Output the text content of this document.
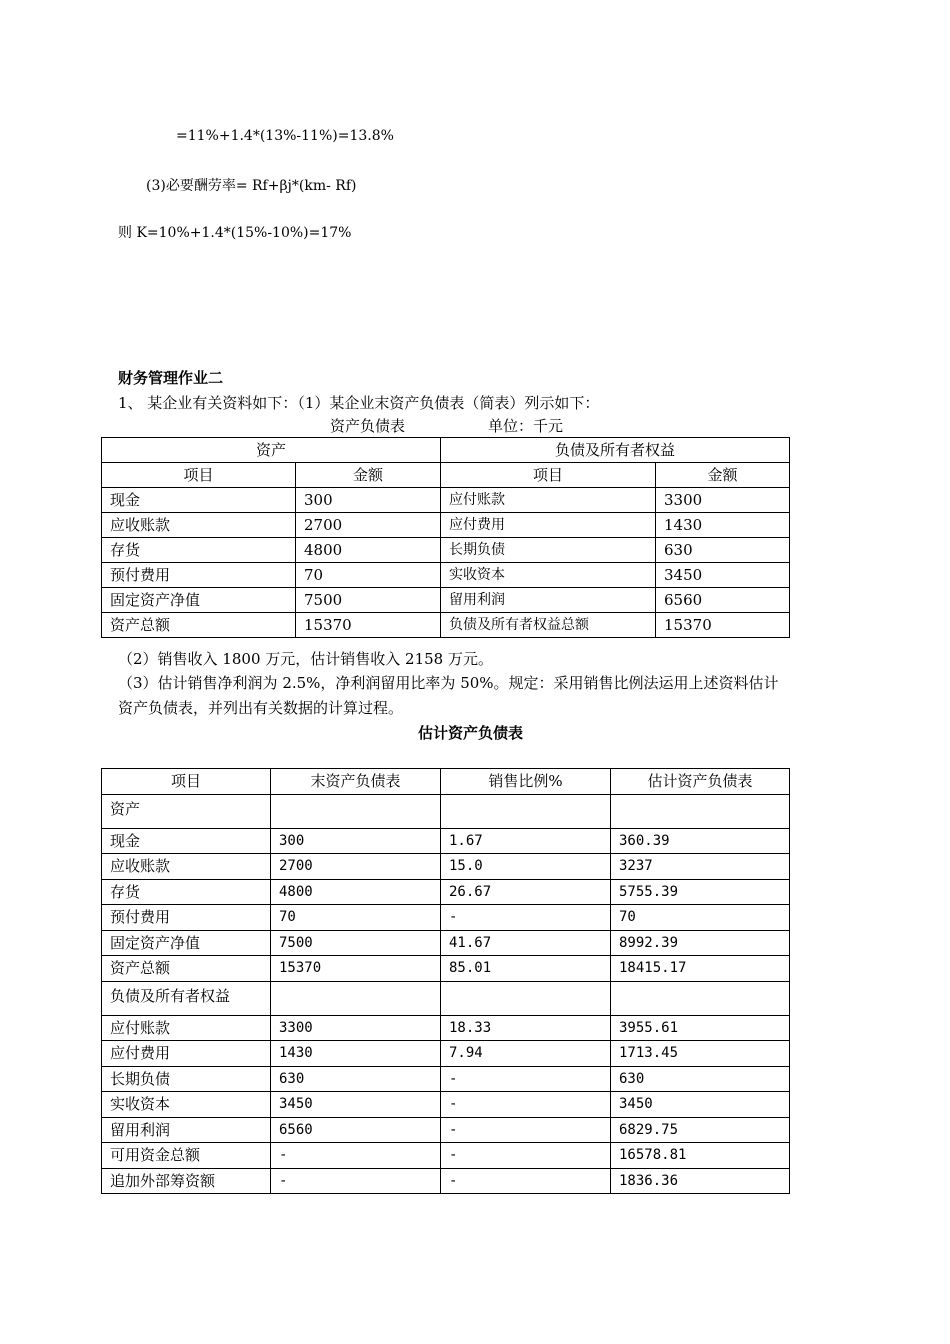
=11%+1.4*(13%-11%)=13.8%
(3)必要酬劳率= Rf+βj*(km- Rf)
则 K=10%+1.4*(15%-10%)=17%
财务管理作业二
1、 某企业有关资料如下：（1）某企业末资产负债表（简表）列示如下：
资产负债表	单位：千元
资产		负债及所有者权益	
项目	金额	项目	金额
现金	300	应付账款	3300
应收账款	2700	应付费用	1430
存货	4800	长期负债	630
预付费用	70	实收资本	3450
固定资产净值	7500	留用利润	6560
资产总额	15370	负债及所有者权益总额	15370
（2）销售收入 1800 万元，估计销售收入 2158 万元。
（3）估计销售净利润为 2.5%，净利润留用比率为 50%。规定：采用销售比例法运用上述资料估计
资产负债表，并列出有关数据的计算过程。
估计资产负债表
项目	末资产负债表	销售比例%	估计资产负债表
资产			
现金	300	1.67	360.39
应收账款	2700	15.0	3237
存货	4800	26.67	5755.39
预付费用	70	-	70
固定资产净值	7500	41.67	8992.39
资产总额	15370	85.01	18415.17
负债及所有者权益			
应付账款	3300	18.33	3955.61
应付费用	1430	7.94	1713.45
长期负债	630	-	630
实收资本	3450	-	3450
留用利润	6560	-	6829.75
可用资金总额	-	-	16578.81
追加外部筹资额	-	-	1836.36
